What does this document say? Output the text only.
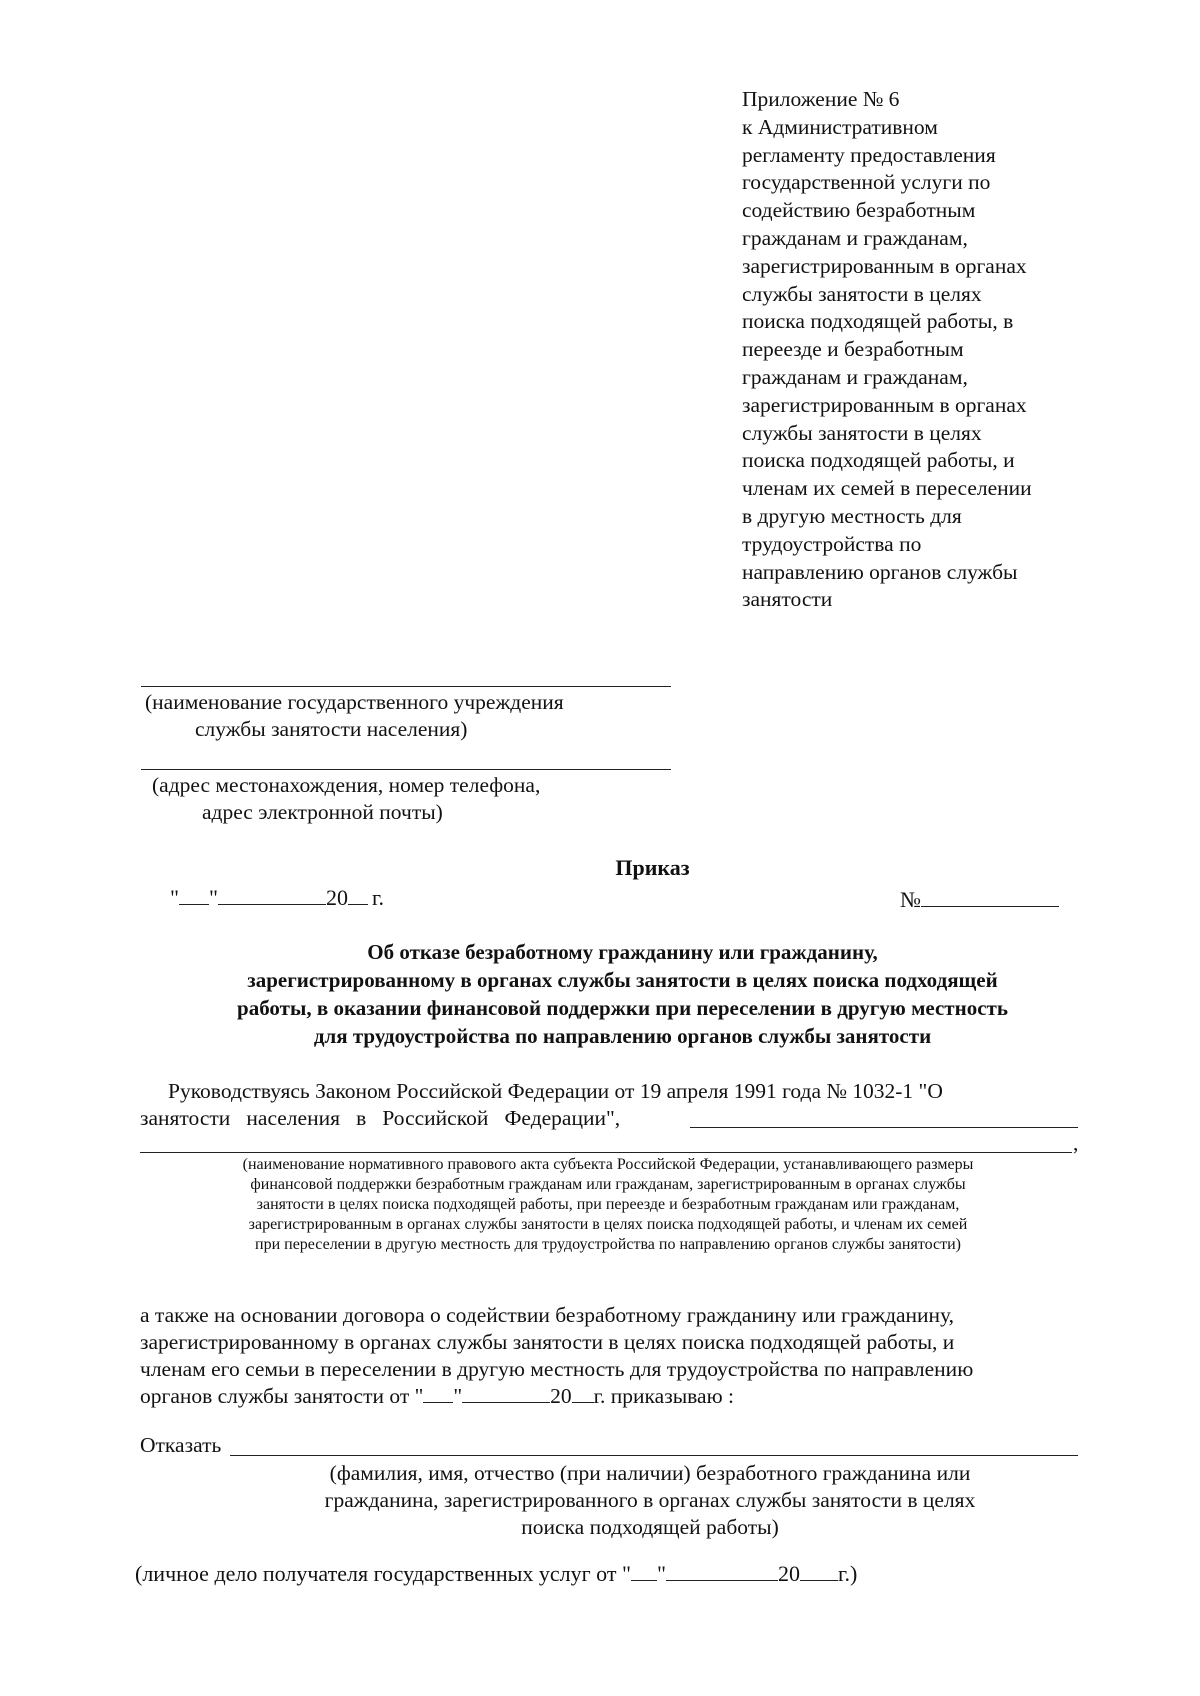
Приложение № 6
к Административном
регламенту предоставления
государственной услуги по
содействию безработным
гражданам и гражданам,
зарегистрированным в органах
службы занятости в целях
поиска подходящей работы, в
переезде и безработным
гражданам и гражданам,
зарегистрированным в органах
службы занятости в целях
поиска подходящей работы, и
членам их семей в переселении
в другую местность для
трудоустройства по
направлению органов службы
занятости
(наименование государственного учреждения
службы занятости населения)
(адрес местонахождения, номер телефона,
адрес электронной почты)
Приказ
" "	20 г.	№
Об отказе безработному гражданину или гражданину,
зарегистрированному в органах службы занятости в целях поиска подходящей
работы, в оказании финансовой поддержки при переселении в другую местность
для трудоустройства по направлению органов службы занятости
Руководствуясь Законом Российской Федерации от 19 апреля 1991 года № 1032-1 "О
занятости   населения   в   Российской   Федерации",
,
(наименование нормативного правового акта субъекта Российской Федерации, устанавливающего размеры
финансовой поддержки безработным гражданам или гражданам, зарегистрированным в органах службы
занятости в целях поиска подходящей работы, при переезде и безработным гражданам или гражданам,
зарегистрированным в органах службы занятости в целях поиска подходящей работы, и членам их семей
при переселении в другую местность для трудоустройства по направлению органов службы занятости)
а также на основании договора о содействии безработному гражданину или гражданину,
зарегистрированному в органах службы занятости в целях поиска подходящей работы, и
членам его семьи в переселении в другую местность для трудоустройства по направлению
органов службы занятости от " "	20 г. приказываю :
Отказать
(фамилия, имя, отчество (при наличии) безработного гражданина или
гражданина, зарегистрированного в органах службы занятости в целях
поиска подходящей работы)
(личное дело получателя государственных услуг от " "	20 г.)
